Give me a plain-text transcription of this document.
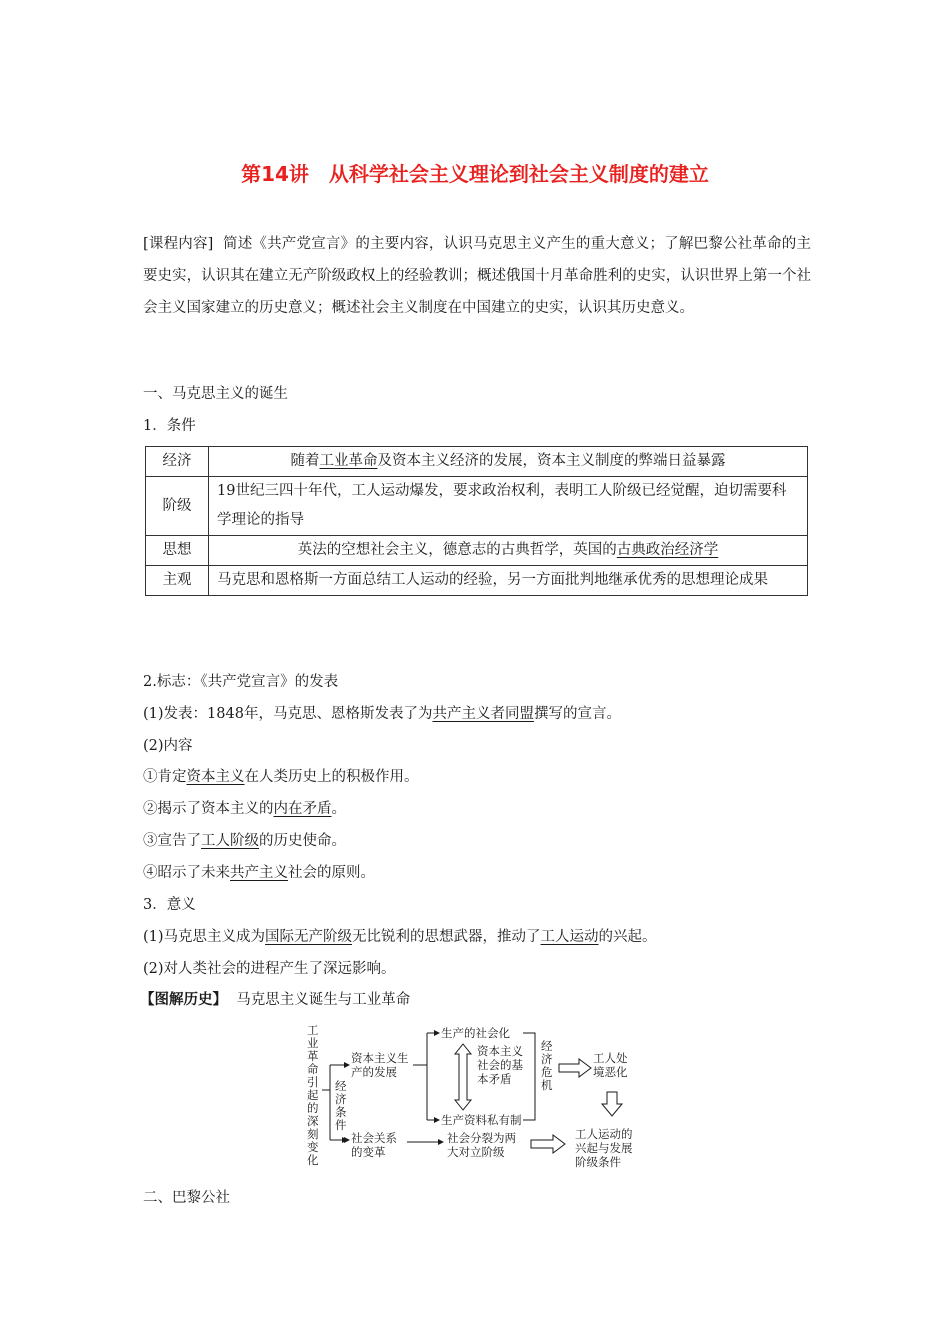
第14讲　从科学社会主义理论到社会主义制度的建立
[课程内容] 简述《共产党宣言》的主要内容，认识马克思主义产生的重大意义；了解巴黎公社革命的主要史实，认识其在建立无产阶级政权上的经验教训；概述俄国十月革命胜利的史实，认识世界上第一个社会主义国家建立的历史意义；概述社会主义制度在中国建立的史实，认识其历史意义。
一、马克思主义的诞生
1．条件
经济	随着工业革命及资本主义经济的发展，资本主义制度的弊端日益暴露
阶级	19世纪三四十年代，工人运动爆发，要求政治权利，表明工人阶级已经觉醒，迫切需要科学理论的指导
思想	英法的空想社会主义，德意志的古典哲学，英国的古典政治经济学
主观	马克思和恩格斯一方面总结工人运动的经验，另一方面批判地继承优秀的思想理论成果
2.标志：《共产党宣言》的发表
(1)发表：1848年，马克思、恩格斯发表了为共产主义者同盟撰写的宣言。
(2)内容
①肯定资本主义在人类历史上的积极作用。
②揭示了资本主义的内在矛盾。
③宣告了工人阶级的历史使命。
④昭示了未来共产主义社会的原则。
3．意义
(1)马克思主义成为国际无产阶级无比锐利的思想武器，推动了工人运动的兴起。
(2)对人类社会的进程产生了深远影响。
【图解历史】 马克思主义诞生与工业革命
工
业
革
命
引
起
的
深
刻
变
化
经
济
条
件
资本主义生
产的发展
生产的社会化
生产资料私有制
资本主义
社会的基
本矛盾
经
济
危
机
工人处
境恶化
社会关系
的变革
社会分裂为两
大对立阶级
工人运动的
兴起与发展
阶级条件
二、巴黎公社
